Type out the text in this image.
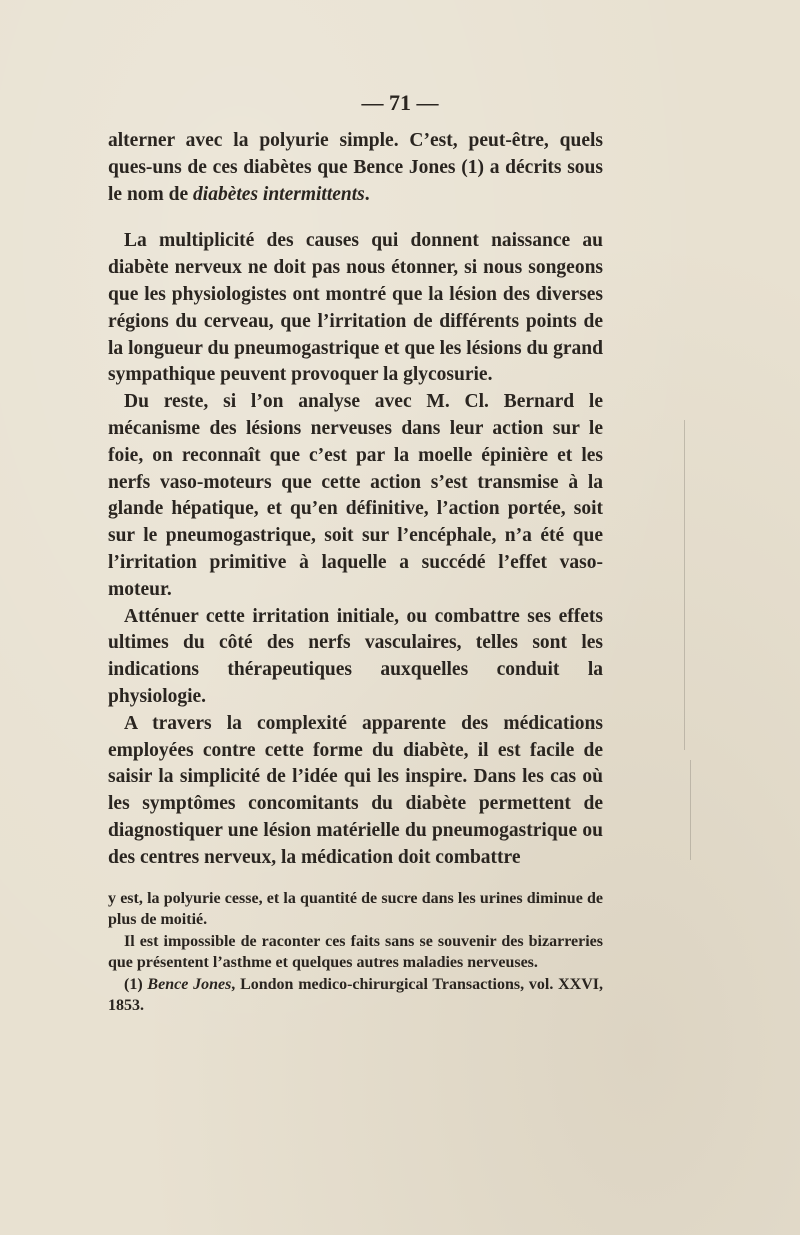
— 71 —

alterner avec la polyurie simple. C’est, peut-être, quels ques-uns de ces diabètes que Bence Jones (1) a décrits sous le nom de diabètes intermittents.

La multiplicité des causes qui donnent naissance au diabète nerveux ne doit pas nous étonner, si nous songeons que les physiologistes ont montré que la lésion des diverses régions du cerveau, que l’irritation de différents points de la longueur du pneumogastrique et que les lésions du grand sympathique peuvent provoquer la glycosurie.

Du reste, si l’on analyse avec M. Cl. Bernard le mécanisme des lésions nerveuses dans leur action sur le foie, on reconnaît que c’est par la moelle épinière et les nerfs vaso-moteurs que cette action s’est transmise à la glande hépatique, et qu’en définitive, l’action portée, soit sur le pneumogastrique, soit sur l’encéphale, n’a été que l’irritation primitive à laquelle a succédé l’effet vaso-moteur.

Atténuer cette irritation initiale, ou combattre ses effets ultimes du côté des nerfs vasculaires, telles sont les indications thérapeutiques auxquelles conduit la physiologie.

A travers la complexité apparente des médications employées contre cette forme du diabète, il est facile de saisir la simplicité de l’idée qui les inspire. Dans les cas où les symptômes concomitants du diabète permettent de diagnostiquer une lésion matérielle du pneumogastrique ou des centres nerveux, la médication doit combattre

y est, la polyurie cesse, et la quantité de sucre dans les urines diminue de plus de moitié.

Il est impossible de raconter ces faits sans se souvenir des bizarreries que présentent l’asthme et quelques autres maladies nerveuses.

(1) Bence Jones, London medico-chirurgical Transactions, vol. XXVI, 1853.
